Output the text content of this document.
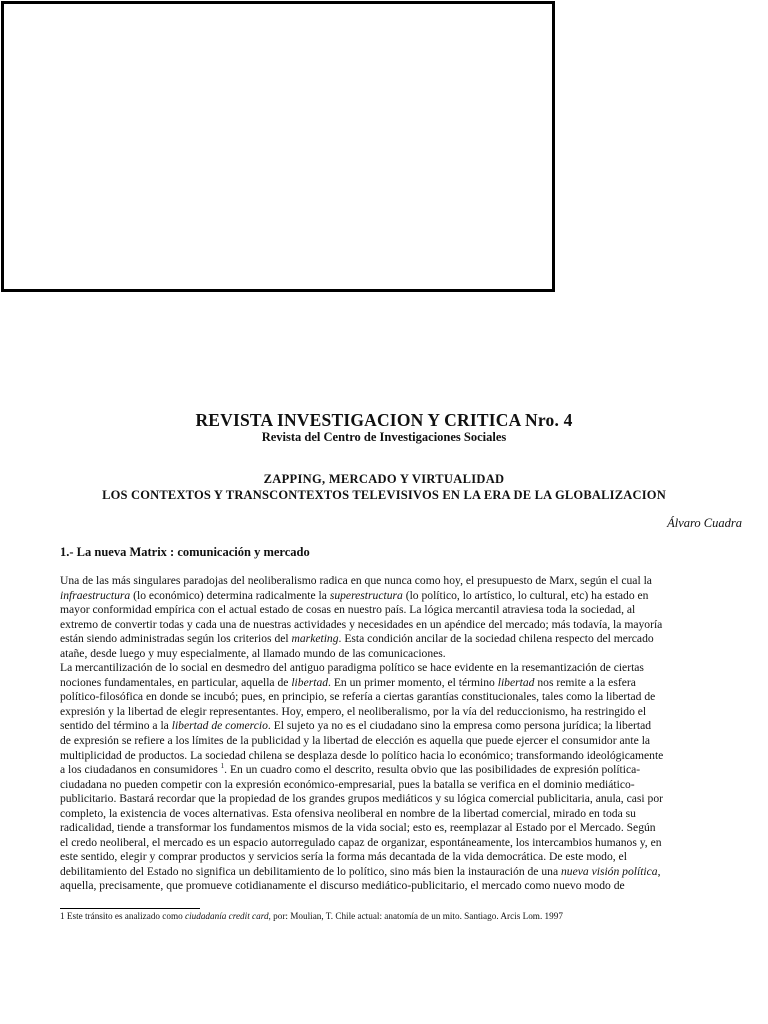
REVISTA INVESTIGACION Y CRITICA Nro. 4
Revista del Centro de Investigaciones Sociales
ZAPPING, MERCADO Y VIRTUALIDAD
LOS CONTEXTOS Y TRANSCONTEXTOS TELEVISIVOS EN LA ERA DE LA GLOBALIZACION
Álvaro Cuadra
1.- La nueva Matrix : comunicación y mercado
Una de las más singulares paradojas del neoliberalismo radica en que nunca como hoy, el presupuesto de Marx, según el cual la
infraestructura (lo económico) determina radicalmente la superestructura (lo político, lo artístico, lo cultural, etc) ha estado en
mayor conformidad empírica con el actual estado de cosas en nuestro país. La lógica mercantil atraviesa toda la sociedad, al
extremo de convertir todas y cada una de nuestras actividades y necesidades en un apéndice del mercado; más todavía, la mayoría
están siendo administradas según los criterios del marketing. Esta condición ancilar de la sociedad chilena respecto del mercado
atañe, desde luego y muy especialmente, al llamado mundo de las comunicaciones.
La mercantilización de lo social en desmedro del antiguo paradigma político se hace evidente en la resemantización de ciertas
nociones fundamentales, en particular, aquella de libertad. En un primer momento, el término libertad nos remite a la esfera
político-filosófica en donde se incubó; pues, en principio, se refería a ciertas garantías constitucionales, tales como la libertad de
expresión y la libertad de elegir representantes. Hoy, empero, el neoliberalismo, por la vía del reduccionismo, ha restringido el
sentido del término a la libertad de comercio. El sujeto ya no es el ciudadano sino la empresa como persona jurídica; la libertad
de expresión se refiere a los límites de la publicidad y la libertad de elección es aquella que puede ejercer el consumidor ante la
multiplicidad de productos. La sociedad chilena se desplaza desde lo político hacia lo económico; transformando ideológicamente
a los ciudadanos en consumidores $^1$. En un cuadro como el descrito, resulta obvio que las posibilidades de expresión política-
ciudadana no pueden competir con la expresión económico-empresarial, pues la batalla se verifica en el dominio mediático-
publicitario. Bastará recordar que la propiedad de los grandes grupos mediáticos y su lógica comercial publicitaria, anula, casi por
completo, la existencia de voces alternativas. Esta ofensiva neoliberal en nombre de la libertad comercial, mirado en toda su
radicalidad, tiende a transformar los fundamentos mismos de la vida social; esto es, reemplazar al Estado por el Mercado. Según
el credo neoliberal, el mercado es un espacio autorregulado capaz de organizar, espontáneamente, los intercambios humanos y, en
este sentido, elegir y comprar productos y servicios sería la forma más decantada de la vida democrática. De este modo, el
debilitamiento del Estado no significa un debilitamiento de lo político, sino más bien la instauración de una nueva visión política,
aquella, precisamente, que promueve cotidianamente el discurso mediático-publicitario, el mercado como nuevo modo de
1 Este tránsito es analizado como ciudadanía credit card, por: Moulian, T. Chile actual: anatomía de un mito. Santiago. Arcis Lom. 1997
